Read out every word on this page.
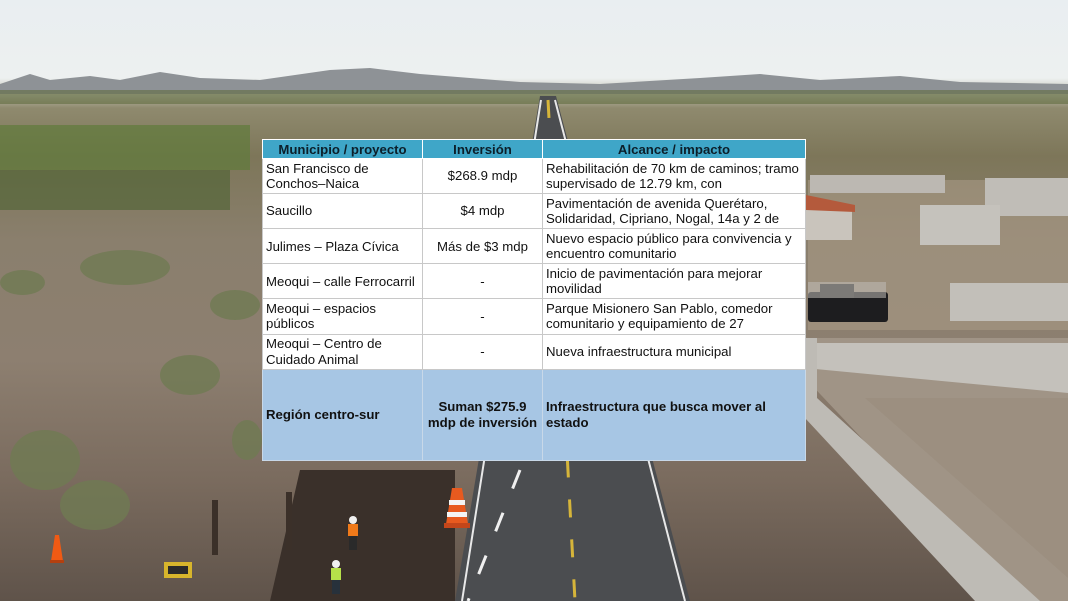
Municipio / proyecto	Inversión	Alcance / impacto
San Francisco de Conchos–Naica	$268.9 mdp	Rehabilitación de 70 km de caminos; tramo supervisado de 12.79 km, con
Saucillo	$4 mdp	Pavimentación de avenida Querétaro, Solidaridad, Cipriano, Nogal, 14a y 2 de
Julimes – Plaza Cívica	Más de $3 mdp	Nuevo espacio público para convivencia y encuentro comunitario
Meoqui – calle Ferrocarril	-	Inicio de pavimentación para mejorar movilidad
Meoqui – espacios públicos	-	Parque Misionero San Pablo, comedor comunitario y equipamiento de 27
Meoqui – Centro de Cuidado Animal	-	Nueva infraestructura municipal
Región centro-sur	Suman $275.9 mdp de inversión	Infraestructura que busca mover al estado
